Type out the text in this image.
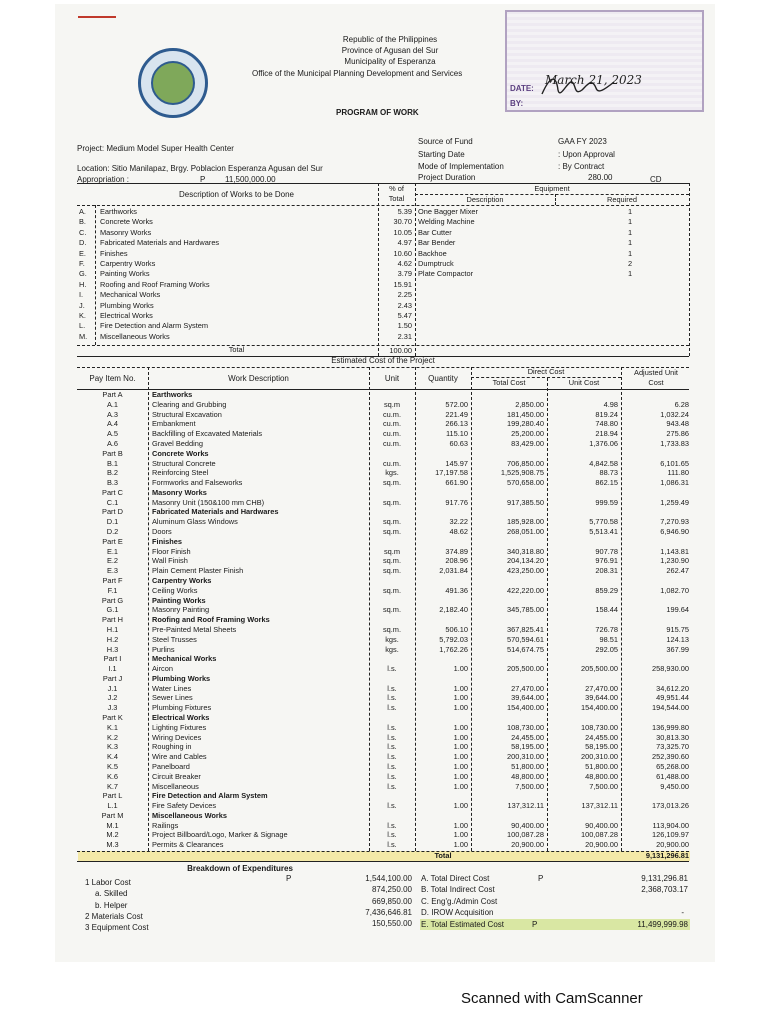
DATE:
BY:
March 21, 2023
Republic of the Philippines
Province of Agusan del Sur
Municipality of Esperanza
Office of the Municipal Planning Development and Services
PROGRAM OF WORK
Project: Medium Model Super Health Center
Location: Sitio Manilapaz, Brgy. Poblacion Esperanza Agusan del Sur
Appropriation :	P 11,500,000.00
Source of Fund	GAA FY 2023
Starting Date	: Upon Approval
Mode of Implementation	: By Contract
Project Duration	280.00	CD
Description of Works to be Done
% of
Total
Equipment
Description	Required
A. Earthworks	5.39
B. Concrete Works	30.70
C. Masonry Works	10.05
D. Fabricated Materials and Hardwares	4.97
E. Finishes	10.60
F. Carpentry Works	4.62
G. Painting Works	3.79
H. Roofing and Roof Framing Works	15.91
I. Mechanical Works	2.25
J. Plumbing Works	2.43
K. Electrical Works	5.47
L. Fire Detection and Alarm System	1.50
M. Miscellaneous Works	2.31
One Bagger Mixer	1
Welding Machine	1
Bar Cutter	1
Bar Bender	1
Backhoe	1
Dumptruck	2
Plate Compactor	1
Total	100.00
Estimated Cost of the Project
Pay Item No.	Work Description	Unit	Quantity
Direct Cost
Total Cost	Unit Cost
Adjusted Unit
Cost
Part A	Earthworks
A.1	Clearing and Grubbing	sq.m	572.00	2,850.00	4.98	6.28
A.3	Structural Excavation	cu.m.	221.49	181,450.00	819.24	1,032.24
A.4	Embankment	cu.m.	266.13	199,280.40	748.80	943.48
A.5	Backfilling of Excavated Materials	cu.m.	115.10	25,200.00	218.94	275.86
A.6	Gravel Bedding	cu.m.	60.63	83,429.00	1,376.06	1,733.83
Part B	Concrete Works
B.1	Structural Concrete	cu.m.	145.97	706,850.00	4,842.58	6,101.65
B.2	Reinforcing Steel	kgs.	17,197.58	1,525,908.75	88.73	111.80
B.3	Formworks and Falseworks	sq.m.	661.90	570,658.00	862.15	1,086.31
Part C	Masonry Works
C.1	Masonry Unit (150&100 mm CHB)	sq.m.	917.76	917,385.50	999.59	1,259.49
Part D	Fabricated Materials and Hardwares
D.1	Aluminum Glass Windows	sq.m.	32.22	185,928.00	5,770.58	7,270.93
D.2	Doors	sq.m.	48.62	268,051.00	5,513.41	6,946.90
Part E	Finishes
E.1	Floor Finish	sq.m	374.89	340,318.80	907.78	1,143.81
E.2	Wall Finish	sq.m.	208.96	204,134.20	976.91	1,230.90
E.3	Plain Cement Plaster Finish	sq.m.	2,031.84	423,250.00	208.31	262.47
Part F	Carpentry Works
F.1	Ceiling Works	sq.m.	491.36	422,220.00	859.29	1,082.70
Part G	Painting Works
G.1	Masonry Painting	sq.m.	2,182.40	345,785.00	158.44	199.64
Part H	Roofing and Roof Framing Works
H.1	Pre-Painted Metal Sheets	sq.m.	506.10	367,825.41	726.78	915.75
H.2	Steel Trusses	kgs.	5,792.03	570,594.61	98.51	124.13
H.3	Purlins	kgs.	1,762.26	514,674.75	292.05	367.99
Part I	Mechanical Works
I.1	Aircon	l.s.	1.00	205,500.00	205,500.00	258,930.00
Part J	Plumbing Works
J.1	Water Lines	l.s.	1.00	27,470.00	27,470.00	34,612.20
J.2	Sewer Lines	l.s.	1.00	39,644.00	39,644.00	49,951.44
J.3	Plumbing Fixtures	l.s.	1.00	154,400.00	154,400.00	194,544.00
Part K	Electrical Works
K.1	Lighting Fixtures	l.s.	1.00	108,730.00	108,730.00	136,999.80
K.2	Wiring Devices	l.s.	1.00	24,455.00	24,455.00	30,813.30
K.3	Roughing in	l.s.	1.00	58,195.00	58,195.00	73,325.70
K.4	Wire and Cables	l.s.	1.00	200,310.00	200,310.00	252,390.60
K.5	Panelboard	l.s.	1.00	51,800.00	51,800.00	65,268.00
K.6	Circuit Breaker	l.s.	1.00	48,800.00	48,800.00	61,488.00
K.7	Miscellaneous	l.s.	1.00	7,500.00	7,500.00	9,450.00
Part L	Fire Detection and Alarm System
L.1	Fire Safety Devices	l.s.	1.00	137,312.11	137,312.11	173,013.26
Part M	Miscellaneous Works
M.1	Railings	l.s.	1.00	90,400.00	90,400.00	113,904.00
M.2	Project Billboard/Logo, Marker & Signage	l.s.	1.00	100,087.28	100,087.28	126,109.97
M.3	Permits & Clearances	l.s.	1.00	20,900.00	20,900.00	20,900.00
Total	9,131,296.81
Breakdown of Expenditures
1 Labor Cost	P	1,544,100.00
a. Skilled	874,250.00
b. Helper	669,850.00
2 Materials Cost	7,436,646.81
3 Equipment Cost	150,550.00
A. Total Direct Cost	P	9,131,296.81
B. Total Indirect Cost	2,368,703.17
C. Eng'g./Admin Cost
D. IROW Acquisition	-
E. Total Estimated Cost	P	11,499,999.98
Scanned with CamScanner
